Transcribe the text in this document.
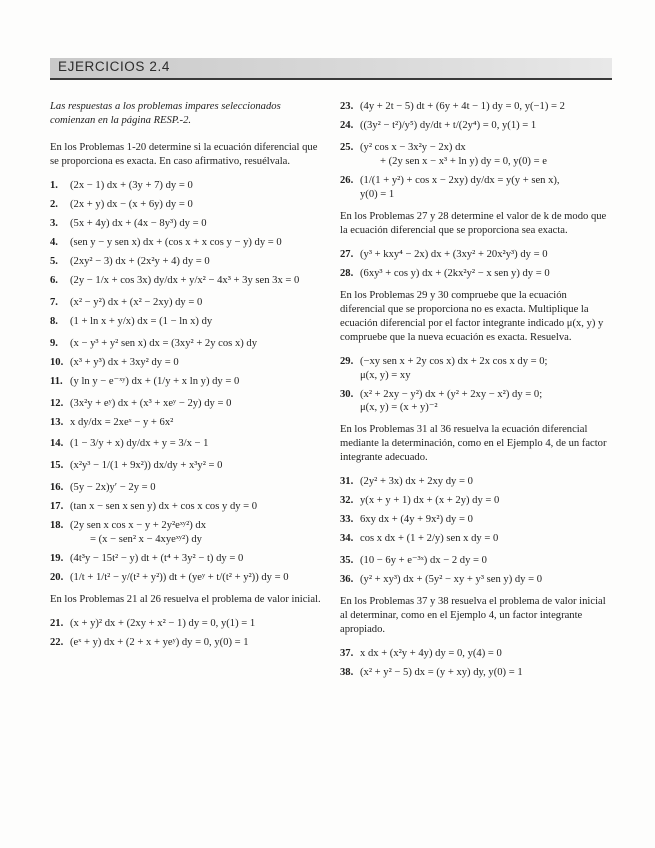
EJERCICIOS 2.4

Las respuestas a los problemas impares seleccionados comienzan en la página RESP.-2.

En los Problemas 1-20 determine si la ecuación diferencial que se proporciona es exacta. En caso afirmativo, resuélvala.

1.	(2x − 1) dx + (3y + 7) dy = 0
2.	(2x + y) dx − (x + 6y) dy = 0
3.	(5x + 4y) dx + (4x − 8y³) dy = 0
4.	(sen y − y sen x) dx + (cos x + x cos y − y) dy = 0
5.	(2xy² − 3) dx + (2x²y + 4) dy = 0
6.	(2y − 1/x + cos 3x) dy/dx + y/x² − 4x³ + 3y sen 3x = 0
7.	(x² − y²) dx + (x² − 2xy) dy = 0
8.	(1 + ln x + y/x) dx = (1 − ln x) dy
9.	(x − y³ + y² sen x) dx = (3xy² + 2y cos x) dy
10. (x³ + y³) dx + 3xy² dy = 0
11. (y ln y − e⁻ˣʸ) dx + (1/y + x ln y) dy = 0
12. (3x²y + eʸ) dx + (x³ + xeʸ − 2y) dy = 0
13. x dy/dx = 2xeˣ − y + 6x²
14. (1 − 3/y + x) dy/dx + y = 3/x − 1
15. (x²y³ − 1/(1 + 9x²)) dx/dy + x³y² = 0
16. (5y − 2x)y′ − 2y = 0
17. (tan x − sen x sen y) dx + cos x cos y dy = 0
18. (2y sen x cos x − y + 2y²eˣʸ²) dx
= (x − sen² x − 4xyeˣʸ²) dy
19. (4t³y − 15t² − y) dt + (t⁴ + 3y² − t) dy = 0
20. (1/t + 1/t² − y/(t² + y²)) dt + (yeʸ + t/(t² + y²)) dy = 0

En los Problemas 21 al 26 resuelva el problema de valor inicial.

21. (x + y)² dx + (2xy + x² − 1) dy = 0, y(1) = 1
22. (eˣ + y) dx + (2 + x + yeʸ) dy = 0, y(0) = 1
23. (4y + 2t − 5) dt + (6y + 4t − 1) dy = 0, y(−1) = 2
24. ((3y² − t²)/y⁵) dy/dt + t/(2y⁴) = 0, y(1) = 1
25. (y² cos x − 3x²y − 2x) dx
+ (2y sen x − x³ + ln y) dy = 0, y(0) = e
26. (1/(1 + y²) + cos x − 2xy) dy/dx = y(y + sen x),
y(0) = 1

En los Problemas 27 y 28 determine el valor de k de modo que la ecuación diferencial que se proporciona sea exacta.

27. (y³ + kxy⁴ − 2x) dx + (3xy² + 20x²y³) dy = 0
28. (6xy³ + cos y) dx + (2kx²y² − x sen y) dy = 0

En los Problemas 29 y 30 compruebe que la ecuación diferencial que se proporciona no es exacta. Multiplique la ecuación diferencial por el factor integrante indicado μ(x, y) y compruebe que la nueva ecuación es exacta. Resuelva.

29. (−xy sen x + 2y cos x) dx + 2x cos x dy = 0;
μ(x, y) = xy
30. (x² + 2xy − y²) dx + (y² + 2xy − x²) dy = 0;
μ(x, y) = (x + y)⁻²

En los Problemas 31 al 36 resuelva la ecuación diferencial mediante la determinación, como en el Ejemplo 4, de un factor integrante adecuado.

31. (2y² + 3x) dx + 2xy dy = 0
32. y(x + y + 1) dx + (x + 2y) dy = 0
33. 6xy dx + (4y + 9x²) dy = 0
34. cos x dx + (1 + 2/y) sen x dy = 0
35. (10 − 6y + e⁻³ˣ) dx − 2 dy = 0
36. (y² + xy³) dx + (5y² − xy + y³ sen y) dy = 0

En los Problemas 37 y 38 resuelva el problema de valor inicial al determinar, como en el Ejemplo 4, un factor integrante apropiado.

37. x dx + (x²y + 4y) dy = 0, y(4) = 0
38. (x² + y² − 5) dx = (y + xy) dy, y(0) = 1
